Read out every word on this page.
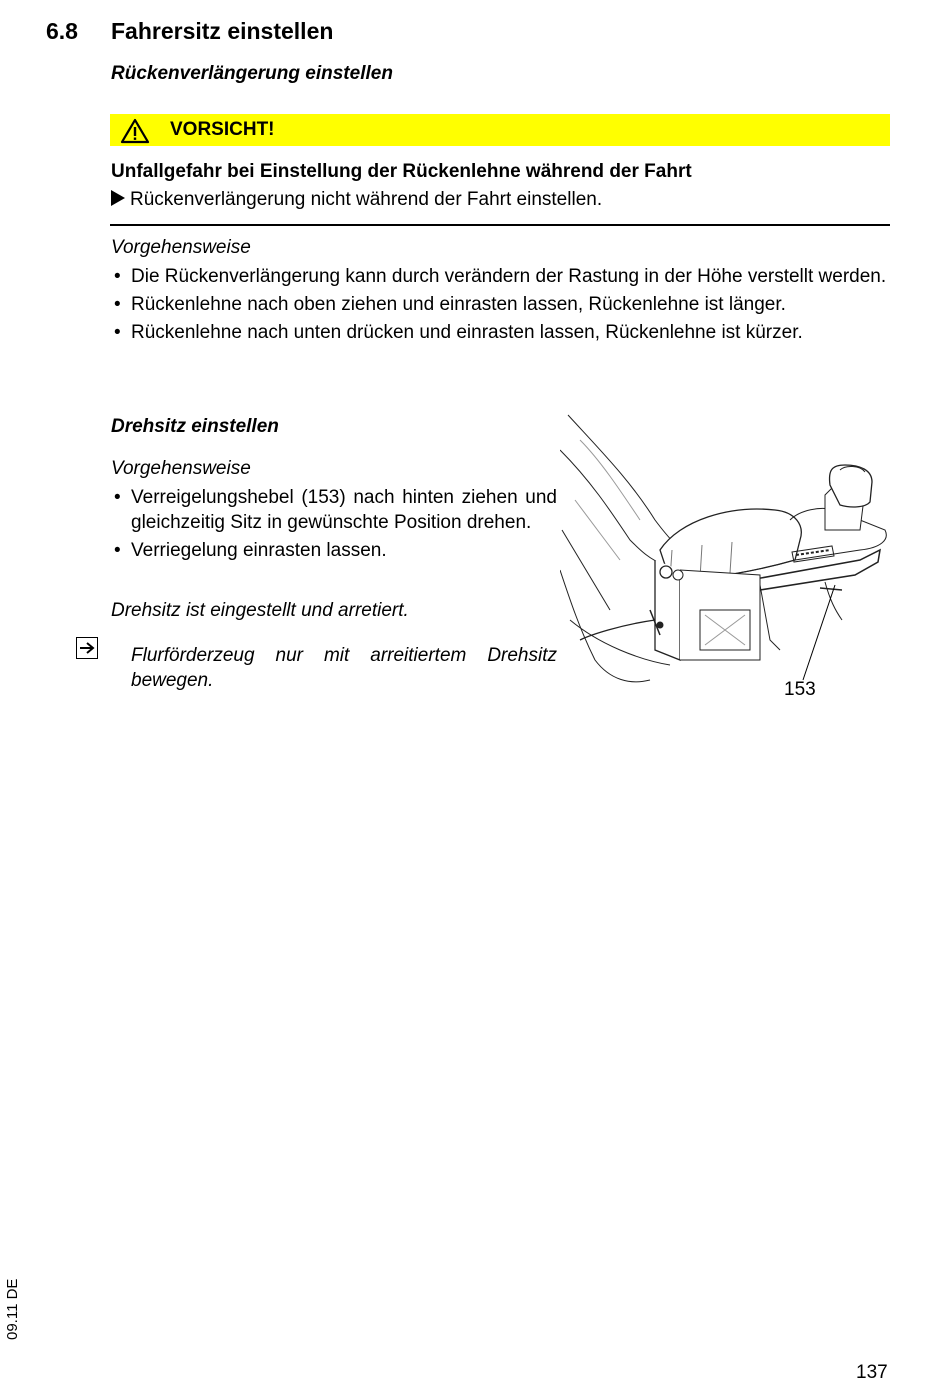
6.8 Fahrersitz einstellen
Rückenverlängerung einstellen
VORSICHT!
Unfallgefahr bei Einstellung der Rückenlehne während der Fahrt
Rückenverlängerung nicht während der Fahrt einstellen.
Vorgehensweise
• Die Rückenverlängerung kann durch verändern der Rastung in der Höhe verstellt werden.
• Rückenlehne nach oben ziehen und einrasten lassen, Rückenlehne ist länger.
• Rückenlehne nach unten drücken und einrasten lassen, Rückenlehne ist kürzer.
Drehsitz einstellen
Vorgehensweise
• Verreigelungshebel (153) nach hinten ziehen und gleichzeitig Sitz in gewünschte Position drehen.
• Verriegelung einrasten lassen.
Drehsitz ist eingestellt und arretiert.
Flurförderzeug nur mit arreitiertem Drehsitz bewegen.	153
09.11 DE
137
